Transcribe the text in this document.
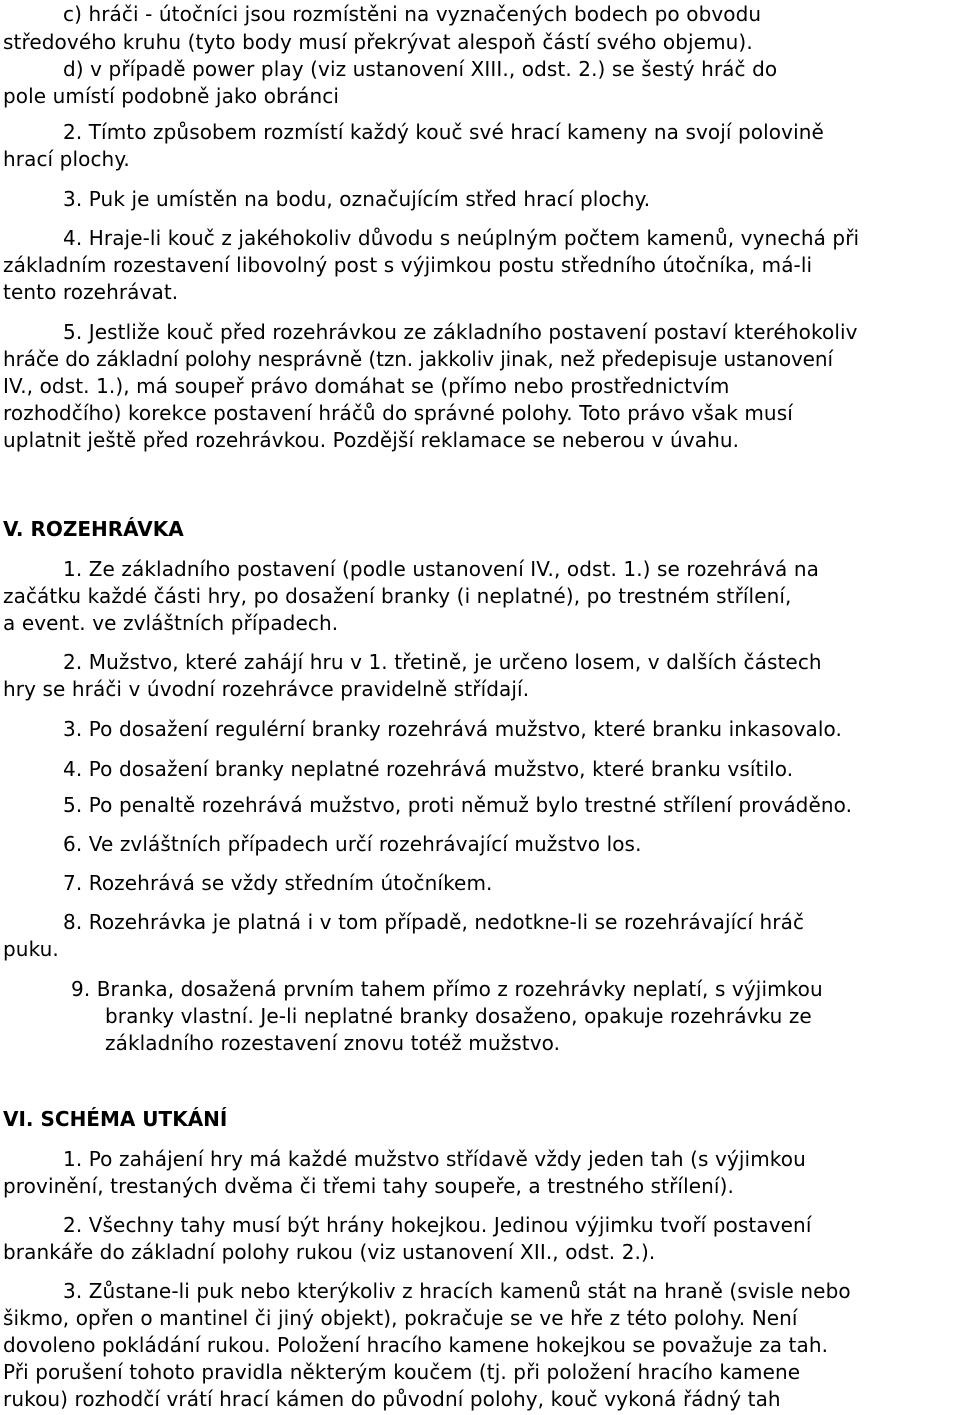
c) hráči - útočníci jsou rozmístěni na vyznačených bodech po obvodu
středového kruhu (tyto body musí překrývat alespoň částí svého objemu).
d) v případě power play (viz ustanovení XIII., odst. 2.) se šestý hráč do
pole umístí podobně jako obránci
2. Tímto způsobem rozmístí každý kouč své hrací kameny na svojí polovině
hrací plochy.
3. Puk je umístěn na bodu, označujícím střed hrací plochy.
4. Hraje-li kouč z jakéhokoliv důvodu s neúplným počtem kamenů, vynechá při
základním rozestavení libovolný post s výjimkou postu středního útočníka, má-li
tento rozehrávat.
5. Jestliže kouč před rozehrávkou ze základního postavení postaví kteréhokoliv
hráče do základní polohy nesprávně (tzn. jakkoliv jinak, než předepisuje ustanovení
IV., odst. 1.), má soupeř právo domáhat se (přímo nebo prostřednictvím
rozhodčího) korekce postavení hráčů do správné polohy. Toto právo však musí
uplatnit ještě před rozehrávkou. Pozdější reklamace se neberou v úvahu.
V. ROZEHRÁVKA
1. Ze základního postavení (podle ustanovení IV., odst. 1.) se rozehrává na
začátku každé části hry, po dosažení branky (i neplatné), po trestném střílení,
a event. ve zvláštních případech.
2. Mužstvo, které zahájí hru v 1. třetině, je určeno losem, v dalších částech
hry se hráči v úvodní rozehrávce pravidelně střídají.
3. Po dosažení regulérní branky rozehrává mužstvo, které branku inkasovalo.
4. Po dosažení branky neplatné rozehrává mužstvo, které branku vsítilo.
5. Po penaltě rozehrává mužstvo, proti němuž bylo trestné střílení prováděno.
6. Ve zvláštních případech určí rozehrávající mužstvo los.
7. Rozehrává se vždy středním útočníkem.
8. Rozehrávka je platná i v tom případě, nedotkne-li se rozehrávající hráč
puku.
9. Branka, dosažená prvním tahem přímo z rozehrávky neplatí, s výjimkou
branky vlastní. Je-li neplatné branky dosaženo, opakuje rozehrávku ze
základního rozestavení znovu totéž mužstvo.
VI. SCHÉMA UTKÁNÍ
1. Po zahájení hry má každé mužstvo střídavě vždy jeden tah (s výjimkou
provinění, trestaných dvěma či třemi tahy soupeře, a trestného střílení).
2. Všechny tahy musí být hrány hokejkou. Jedinou výjimku tvoří postavení
brankáře do základní polohy rukou (viz ustanovení XII., odst. 2.).
3. Zůstane-li puk nebo kterýkoliv z hracích kamenů stát na hraně (svisle nebo
šikmo, opřen o mantinel či jiný objekt), pokračuje se ve hře z této polohy. Není
dovoleno pokládání rukou. Položení hracího kamene hokejkou se považuje za tah.
Při porušení tohoto pravidla některým koučem (tj. při položení hracího kamene
rukou) rozhodčí vrátí hrací kámen do původní polohy, kouč vykoná řádný tah
